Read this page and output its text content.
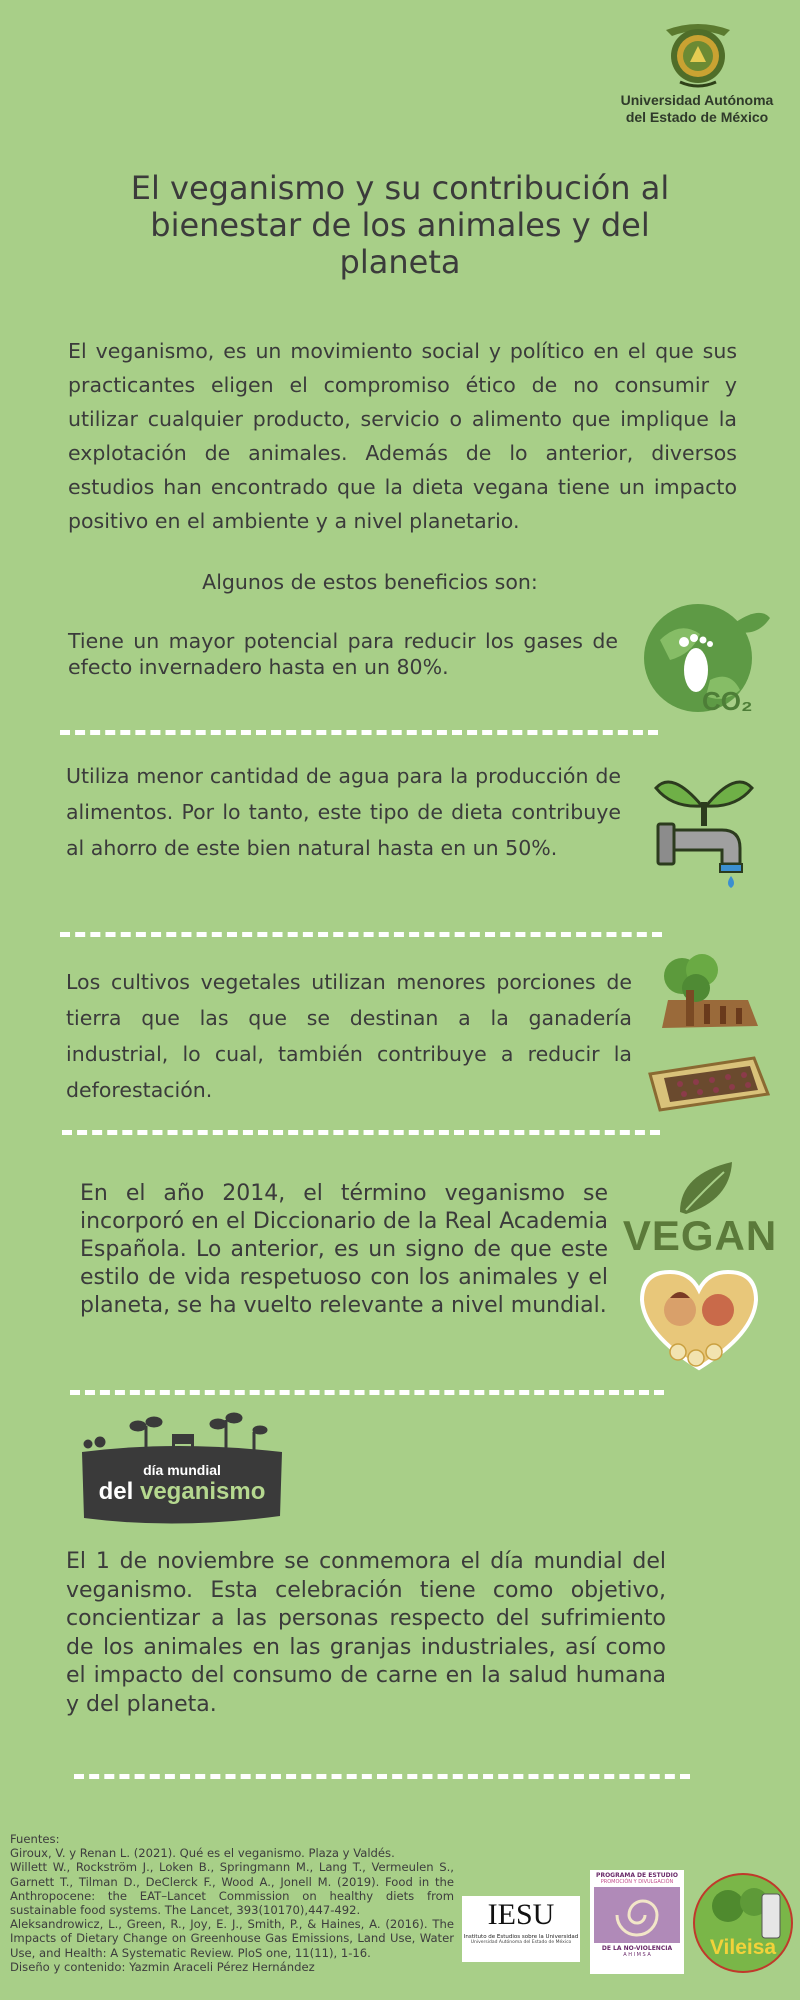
Universidad Autónoma
del Estado de México
El veganismo y su contribución al bienestar de los animales y del planeta
El veganismo, es un movimiento social y político en el que sus practicantes eligen el compromiso ético de no consumir y utilizar cualquier producto, servicio o alimento que implique la explotación de animales. Además de lo anterior, diversos estudios han encontrado que la dieta vegana tiene un impacto positivo en el ambiente y a nivel planetario.
Algunos de estos beneficios son:
Tiene un mayor potencial para reducir los gases de efecto invernadero hasta en un 80%.
CO₂
Utiliza menor cantidad de agua para la producción de alimentos. Por lo tanto, este tipo de dieta contribuye al ahorro de este bien natural hasta en un 50%.
Los cultivos vegetales utilizan menores porciones de tierra que las que se destinan a la ganadería industrial, lo cual, también contribuye a reducir la deforestación.
En el año 2014, el término veganismo se incorporó en el Diccionario de la Real Academia Española. Lo anterior, es un signo de que este estilo de vida respetuoso con los animales y el planeta, se ha vuelto relevante a nivel mundial.
VEGAN
día mundial
del veganismo
El 1 de noviembre se conmemora el día mundial del veganismo. Esta celebración tiene como objetivo, concientizar a las personas respecto del sufrimiento de los animales en las granjas industriales, así como el impacto del consumo de carne en la salud humana y del planeta.
Fuentes:
Giroux, V. y Renan L. (2021). Qué es el veganismo. Plaza y Valdés.
Willett W., Rockström J., Loken B., Springmann M., Lang T., Vermeulen S., Garnett T., Tilman D., DeClerck F., Wood A., Jonell M. (2019). Food in the Anthropocene: the EAT–Lancet Commission on healthy diets from sustainable food systems. The Lancet, 393(10170),447-492.
Aleksandrowicz, L., Green, R., Joy, E. J., Smith, P., & Haines, A. (2016). The Impacts of Dietary Change on Greenhouse Gas Emissions, Land Use, Water Use, and Health: A Systematic Review. PloS one, 11(11), 1-16.
Diseño y contenido: Yazmin Araceli Pérez Hernández
IESU
Instituto de Estudios sobre la Universidad
Universidad Autónoma del Estado de México
PROGRAMA DE ESTUDIO
PROMOCIÓN Y DIVULGACIÓN
DE LA NO-VIOLENCIA
A H I M S A	Vileisa
